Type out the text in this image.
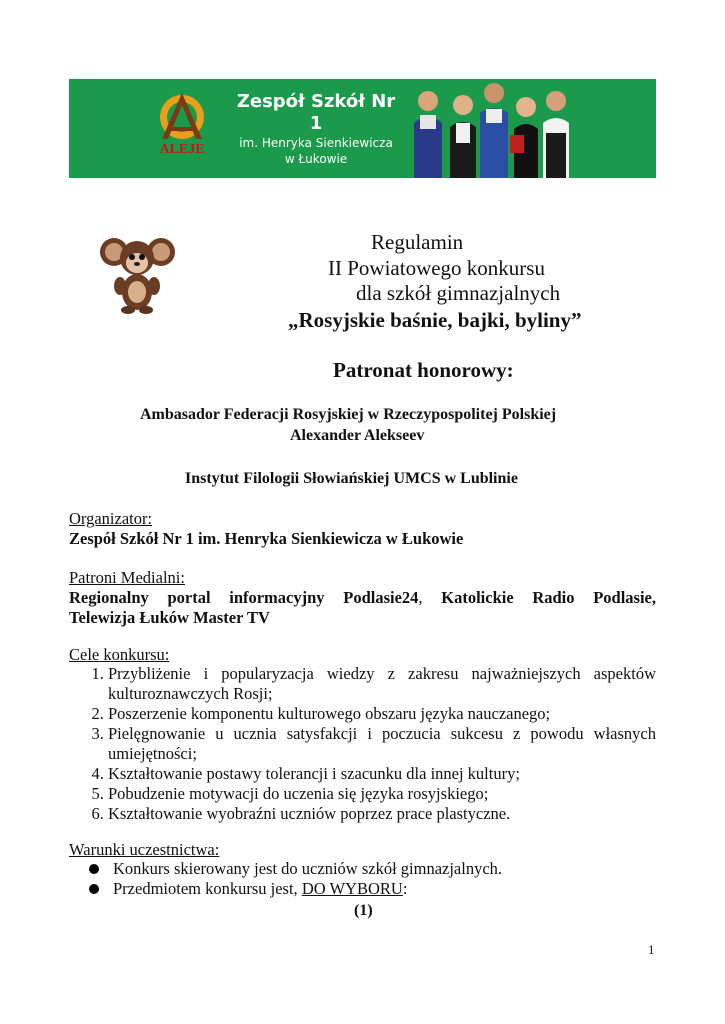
ALEJE
Zespół Szkół Nr 1
im. Henryka Sienkiewicza
w Łukowie
Regulamin
II Powiatowego konkursu
dla szkół gimnazjalnych
„Rosyjskie baśnie, bajki, byliny”
Patronat honorowy:
Ambasador Federacji Rosyjskiej w Rzeczypospolitej Polskiej
Alexander Alekseev
Instytut Filologii Słowiańskiej UMCS w Lublinie
Organizator:
Zespół Szkół Nr 1 im. Henryka Sienkiewicza w Łukowie
Patroni Medialni:
Regionalny portal informacyjny Podlasie24, Katolickie Radio Podlasie,
Telewizja Łuków Master TV
Cele konkursu:
1. Przybliżenie i popularyzacja wiedzy z zakresu najważniejszych aspektów
kulturoznawczych Rosji;
2. Poszerzenie komponentu kulturowego obszaru języka nauczanego;
3. Pielęgnowanie u ucznia satysfakcji i poczucia sukcesu z powodu własnych
umiejętności;
4. Kształtowanie postawy tolerancji i szacunku dla innej kultury;
5. Pobudzenie motywacji do uczenia się języka rosyjskiego;
6. Kształtowanie wyobraźni uczniów poprzez prace plastyczne.
Warunki uczestnictwa:
Konkurs skierowany jest do uczniów szkół gimnazjalnych.
Przedmiotem konkursu jest, DO WYBORU:
(1)
1
